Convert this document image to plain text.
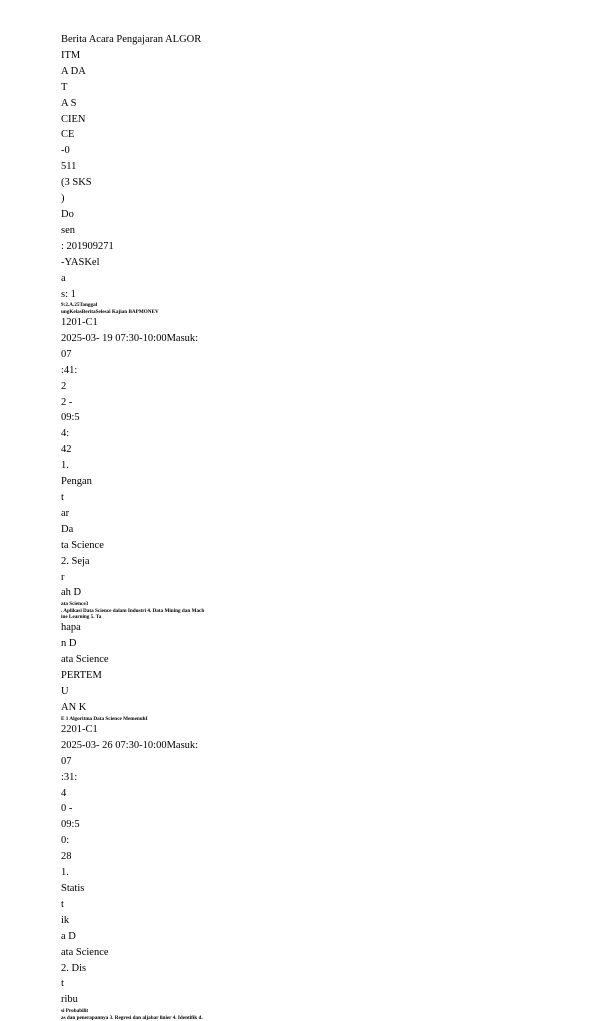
Berita Acara Pengajaran ALGOR
ITM
A DA
T
A S
CIEN
CE
-0
511
(3 SKS
)
Do
sen
: 201909271
-YASKel
a
s: 1
9:2.A.25Tanggal
ungKelasBeritaSelesai Kajian BAPMONEV
1201-C1
2025-03- 19 07:30-10:00Masuk:
07
:41:
2
2 -
09:5
4:
42
1.
Pengan
t
ar
Da
ta Science
2. Seja
r
ah D
ata Science3
. Aplikasi Data Science dalam Industri 4. Data Mining dan Mach
ine Learning 5. Ta
hapa
n D
ata Science
PERTEM
U
AN K
E 1 Algoritma Data Science MemenuhI
2201-C1
2025-03- 26 07:30-10:00Masuk:
07
:31:
4
0 -
09:5
0:
28
1.
Statis
t
ik
a D
ata Science
2. Dis
t
ribu
si Probabilit
as dan penerapannya 3. Regresi dan aljabar linier 4. Identifik d.
